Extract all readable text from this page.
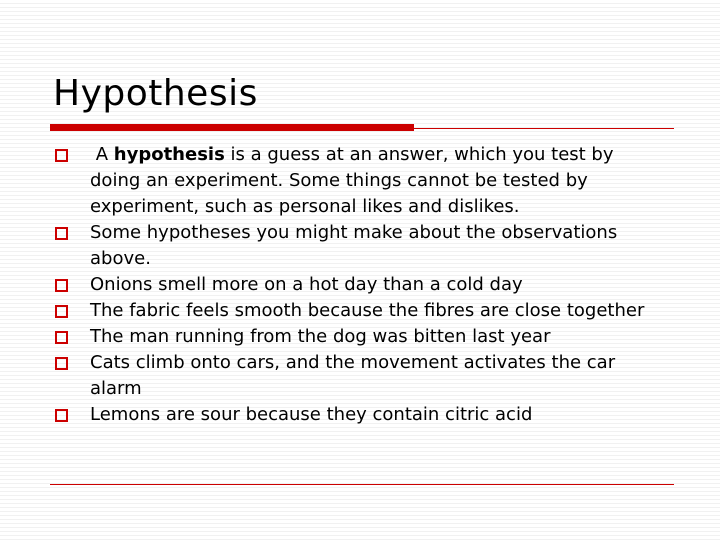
Hypothesis
A hypothesis is a guess at an answer, which you test by doing an experiment. Some things cannot be tested by experiment, such as personal likes and dislikes.
Some hypotheses you might make about the observations above.
Onions smell more on a hot day than a cold day
The fabric feels smooth because the fibres are close together
The man running from the dog was bitten last year
Cats climb onto cars, and the movement activates the car alarm
Lemons are sour because they contain citric acid
